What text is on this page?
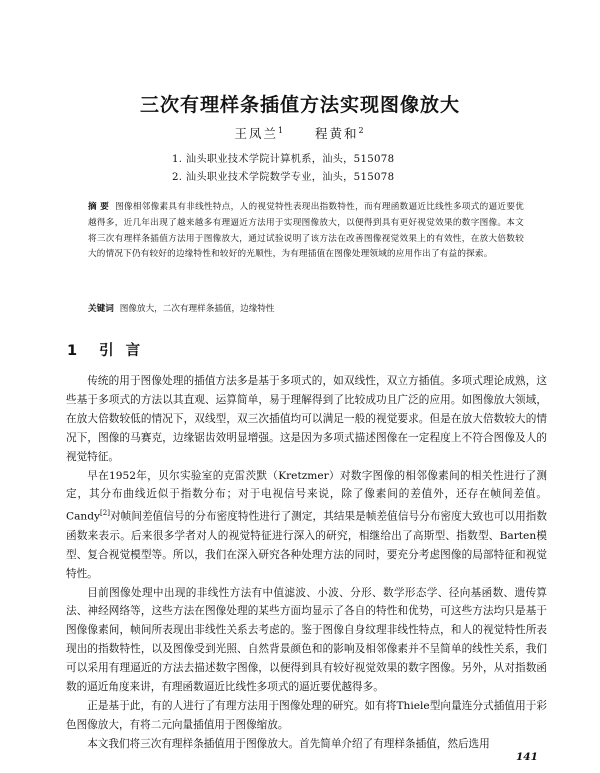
三次有理样条插值方法实现图像放大
王凤兰$^1$ 程黄和$^2$
1. 汕头职业技术学院计算机系，汕头，515078
2. 汕头职业技术学院数学专业，汕头，515078
摘 要 图像相邻像素具有非线性特点，人的视觉特性表现出指数特性，而有理函数逼近比线性多项式的逼近要优越得多，近几年出现了越来越多有理逼近方法用于实现图像放大，以便得到具有更好视觉效果的数字图像。本文将三次有理样条插值方法用于图像放大，通过试验说明了该方法在改善图像视觉效果上的有效性，在放大倍数较大的情况下仍有较好的边缘特性和较好的光顺性，为有理插值在图像处理领域的应用作出了有益的探索。
关键词 图像放大，二次有理样条插值，边缘特性
1 引言

传统的用于图像处理的插值方法多是基于多项式的，如双线性，双立方插值。多项式理论成熟，这些基于多项式的方法以其直观、运算简单，易于理解得到了比较成功且广泛的应用。如图像放大领域，在放大倍数较低的情况下，双线型，双三次插值均可以满足一般的视觉要求。但是在放大倍数较大的情况下，图像的马赛克，边缘锯齿效明显增强。这是因为多项式描述图像在一定程度上不符合图像及人的视觉特征。

早在1952年，贝尔实验室的克雷茨默（Kretzmer）对数字图像的相邻像素间的相关性进行了测定，其分布曲线近似于指数分布；对于电视信号来说，除了像素间的差值外，还存在帧间差值。Candy[2]对帧间差值信号的分布密度特性进行了测定，其结果是帧差值信号分布密度大致也可以用指数函数来表示。后来很多学者对人的视觉特征进行深入的研究，相继给出了高斯型、指数型、Barten模型、复合视觉模型等。所以，我们在深入研究各种处理方法的同时，要充分考虑图像的局部特征和视觉特性。

目前图像处理中出现的非线性方法有中值滤波、小波、分形、数学形态学、径向基函数、遗传算法、神经网络等，这些方法在图像处理的某些方面均显示了各自的特性和优势，可这些方法均只是基于图像像素间，帧间所表现出非线性关系去考虑的。鉴于图像自身纹理非线性特点，和人的视觉特性所表现出的指数特性，以及图像受到光照、自然背景颜色和的影响及相邻像素并不呈简单的线性关系，我们可以采用有理逼近的方法去描述数字图像，以便得到具有较好视觉效果的数字图像。另外，从对指数函数的逼近角度来讲，有理函数逼近比线性多项式的逼近要优越得多。

正是基于此，有的人进行了有理方法用于图像处理的研究。如有将Thiele型向量连分式插值用于彩色图像放大，有将二元向量插值用于图像缩放。

本文我们将三次有理样条插值用于图像放大。首先简单介绍了有理样条插值，然后选用

141
